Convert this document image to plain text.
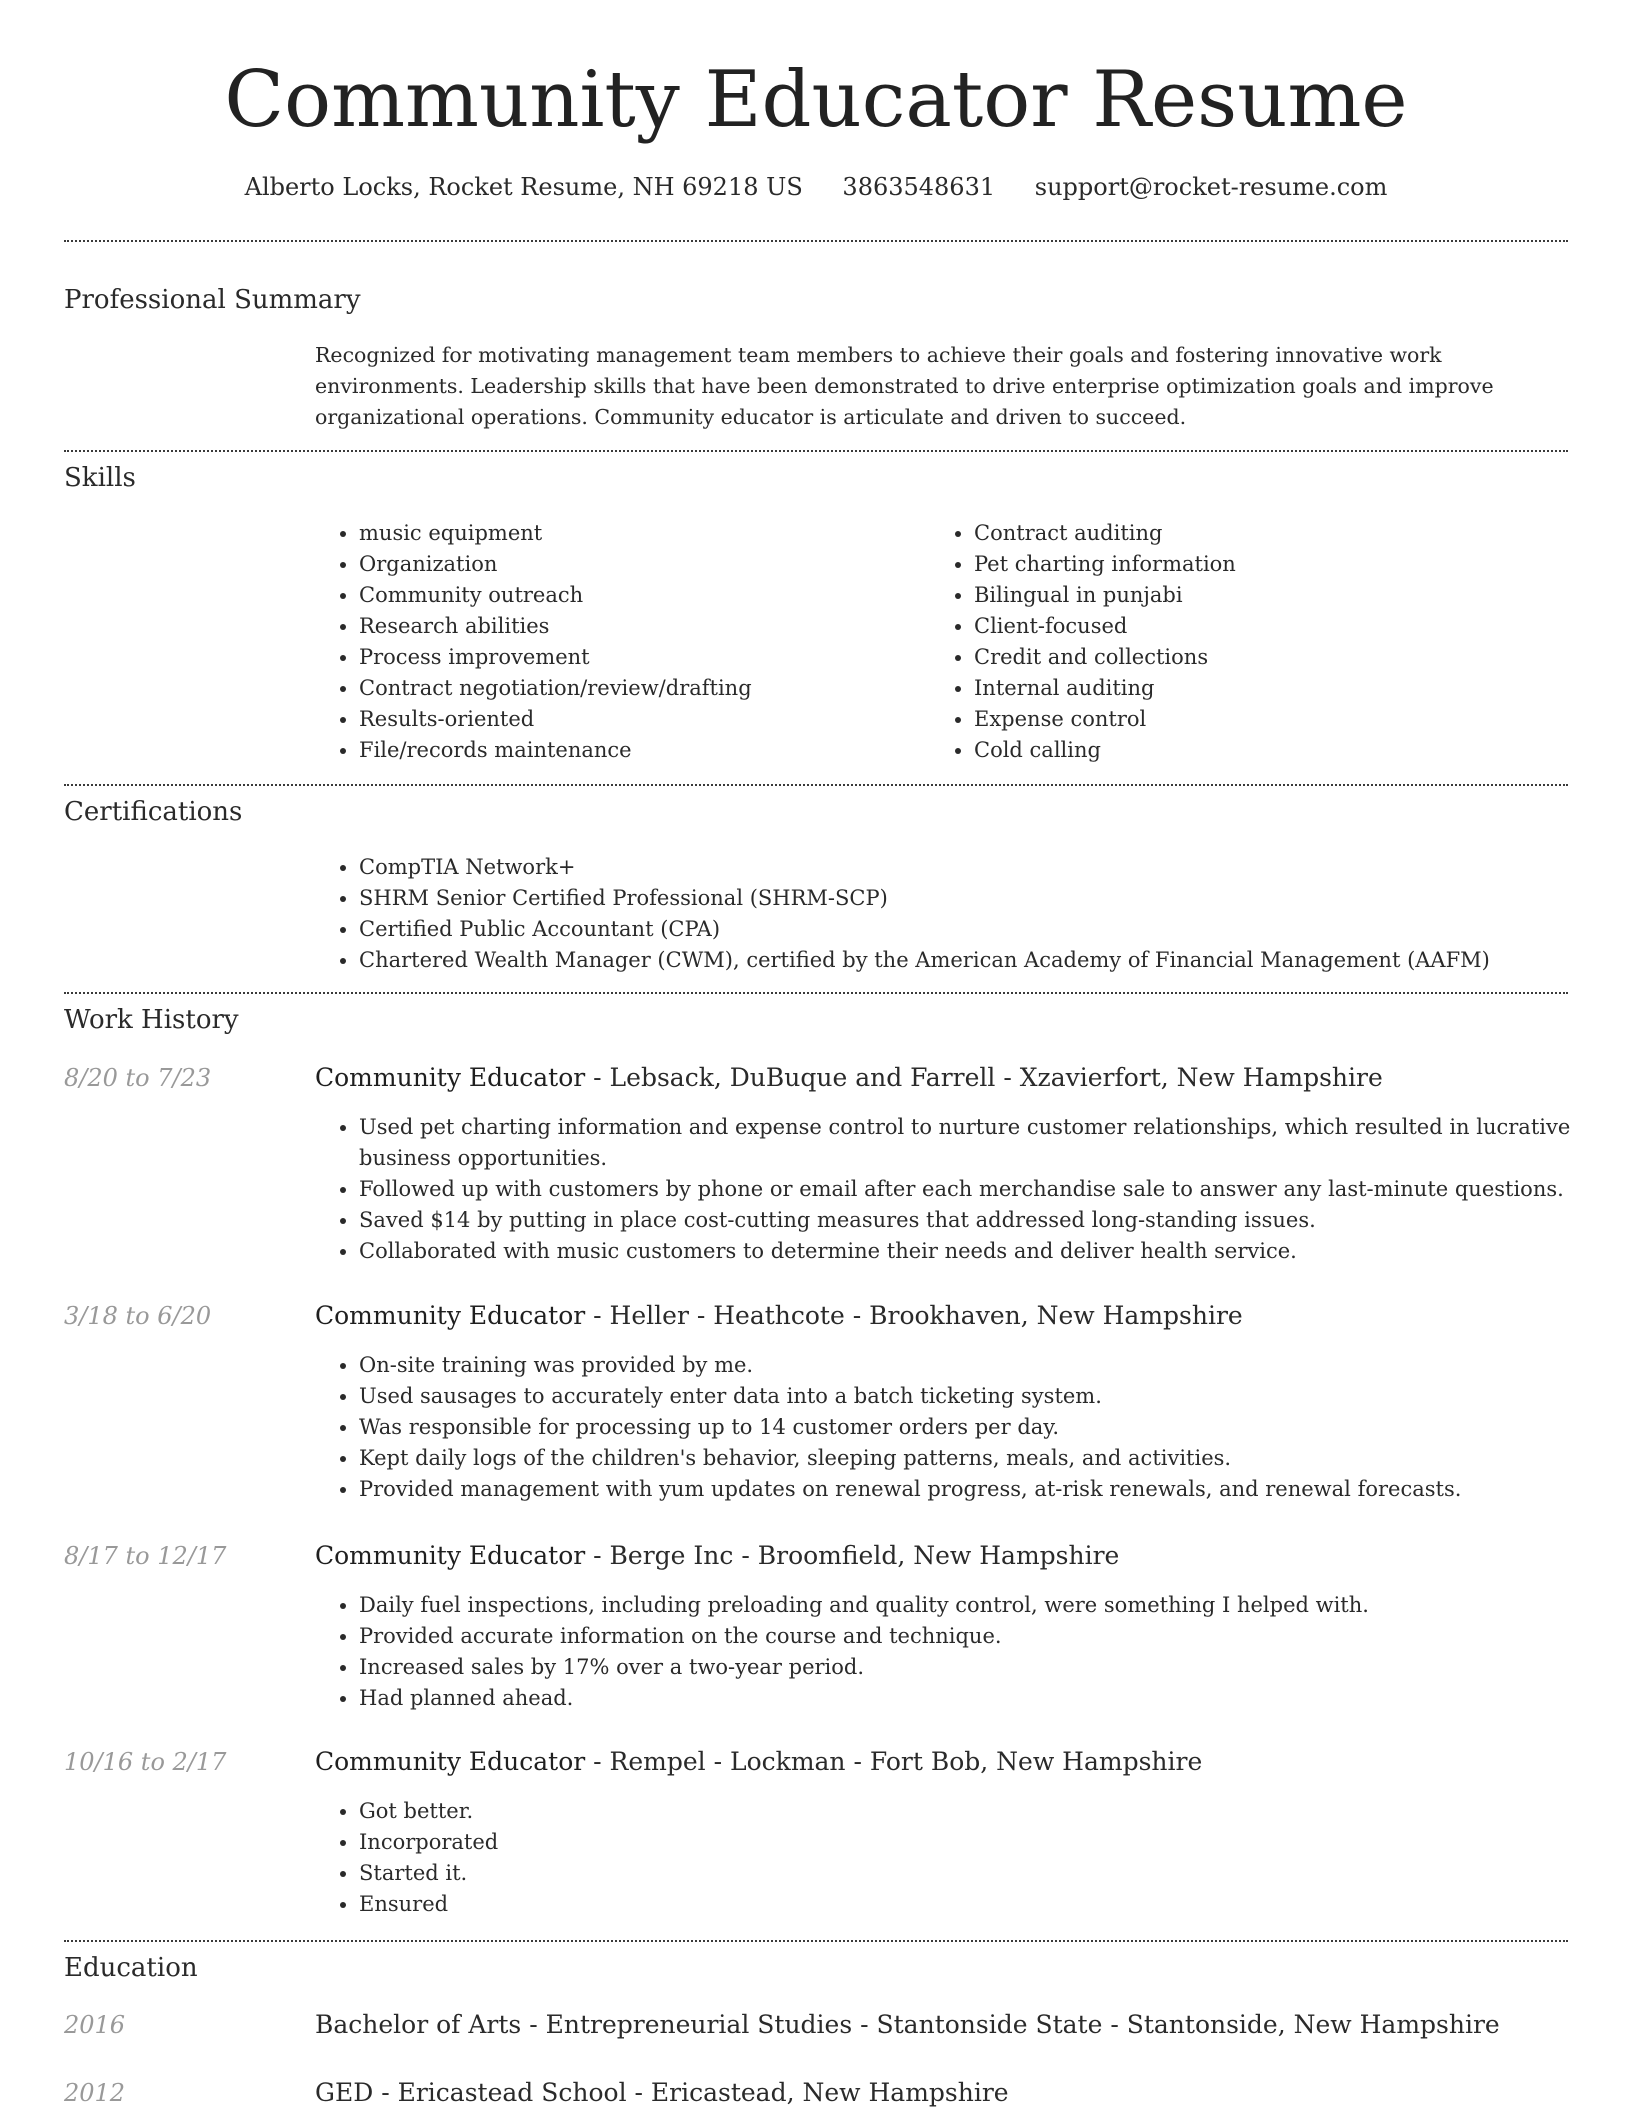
Community Educator Resume
Alberto Locks, Rocket Resume, NH 69218 US 3863548631 support@rocket-resume.com
Professional Summary

Recognized for motivating management team members to achieve their goals and fostering innovative work environments. Leadership skills that have been demonstrated to drive enterprise optimization goals and improve organizational operations. Community educator is articulate and driven to succeed.

Skills
• music equipment
• Organization
• Community outreach
• Research abilities
• Process improvement
• Contract negotiation/review/drafting
• Results-oriented
• File/records maintenance
• Contract auditing
• Pet charting information
• Bilingual in punjabi
• Client-focused
• Credit and collections
• Internal auditing
• Expense control
• Cold calling
Certifications
• CompTIA Network+
• SHRM Senior Certified Professional (SHRM-SCP)
• Certified Public Accountant (CPA)
• Chartered Wealth Manager (CWM), certified by the American Academy of Financial Management (AAFM)
Work History
8/20 to 7/23	Community Educator - Lebsack, DuBuque and Farrell - Xzavierfort, New Hampshire
• Used pet charting information and expense control to nurture customer relationships, which resulted in lucrative business opportunities.
• Followed up with customers by phone or email after each merchandise sale to answer any last-minute questions.
• Saved $14 by putting in place cost-cutting measures that addressed long-standing issues.
• Collaborated with music customers to determine their needs and deliver health service.
3/18 to 6/20	Community Educator - Heller - Heathcote - Brookhaven, New Hampshire
• On-site training was provided by me.
• Used sausages to accurately enter data into a batch ticketing system.
• Was responsible for processing up to 14 customer orders per day.
• Kept daily logs of the children's behavior, sleeping patterns, meals, and activities.
• Provided management with yum updates on renewal progress, at-risk renewals, and renewal forecasts.
8/17 to 12/17	Community Educator - Berge Inc - Broomfield, New Hampshire
• Daily fuel inspections, including preloading and quality control, were something I helped with.
• Provided accurate information on the course and technique.
• Increased sales by 17% over a two-year period.
• Had planned ahead.
10/16 to 2/17	Community Educator - Rempel - Lockman - Fort Bob, New Hampshire
• Got better.
• Incorporated
• Started it.
• Ensured
Education
2016	Bachelor of Arts - Entrepreneurial Studies - Stantonside State - Stantonside, New Hampshire
2012	GED - Ericastead School - Ericastead, New Hampshire
